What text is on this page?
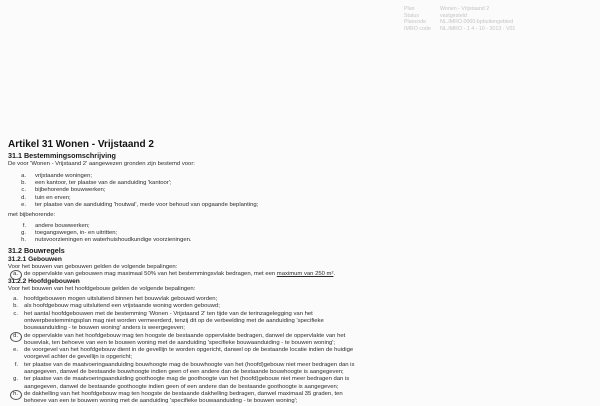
Plan	Wonen - Vrijstaand 2
Status	vastgesteld
Plancode	NL.IMRO.0000.bpbuitengebied
IMRO code	NL.IMRO - 1 4 - 10 - 2013 - V01
Artikel 31 Wonen - Vrijstaand 2
31.1 Bestemmingsomschrijving
De voor 'Wonen - Vrijstaand 2' aangewezen gronden zijn bestemd voor:
a. vrijstaande woningen;
b. een kantoor, ter plaatse van de aanduiding 'kantoor';
c. bijbehorende bouwwerken;
d. tuin en erven;
e. ter plaatse van de aanduiding 'houtwal', mede voor behoud van opgaande beplanting;
met bijbehorende:
f. andere bouwwerken;
g. toegangswegen, in- en uitritten;
h. nutsvoorzieningen en waterhuishoudkundige voorzieningen.
31.2 Bouwregels
31.2.1 Gebouwen
Voor het bouwen van gebouwen gelden de volgende bepalingen:
a. de oppervlakte van gebouwen mag maximaal 50% van het bestemmingsvlak bedragen, met een maximum van 250 m².
31.2.2 Hoofdgebouwen
Voor het bouwen van het hoofdgebouw gelden de volgende bepalingen:
a. hoofdgebouwen mogen uitsluitend binnen het bouwvlak gebouwd worden;
b. als hoofdgebouw mag uitsluitend een vrijstaande woning worden gebouwd;
c. het aantal hoofdgebouwen met de bestemming 'Wonen - Vrijstaand 2' ten tijde van de terinzagelegging van het
ontwerpbestemmingsplan mag niet worden vermeerderd, tenzij dit op de verbeelding met de aanduiding 'specifieke
bouwaanduiding - te bouwen woning' anders is weergegeven;
d. de oppervlakte van het hoofdgebouw mag ten hoogste de bestaande oppervlakte bedragen, danwel de oppervlakte van het
bouwvlak, ten behoeve van een te bouwen woning met de aanduiding 'specifieke bouwaanduiding - te bouwen woning';
e. de voorgevel van het hoofdgebouw dient in de gevellijn te worden opgericht, danwel op de bestaande locatie indien de huidige
voorgevel achter de gevellijn is opgericht;
f. ter plaatse van de maatvoeringaanduiding bouwhoogte mag de bouwhoogte van het (hoofd)gebouw niet meer bedragen dan is
aangegeven, danwel de bestaande bouwhoogte indien geen of een andere dan de bestaande bouwhoogte is aangegeven;
g. ter plaatse van de maatvoeringaanduiding goothoogte mag de goothoogte van het (hoofd)gebouw niet meer bedragen dan is
aangegeven, danwel de bestaande goothoogte indien geen of een andere dan de bestaande goothoogte is aangegeven;
h. de dakhelling van het hoofdgebouw mag ten hoogste de bestaande dakhelling bedragen, danwel maximaal 35 graden, ten
behoeve van een te bouwen woning met de aanduiding 'specifieke bouwaanduiding - te bouwen woning';
